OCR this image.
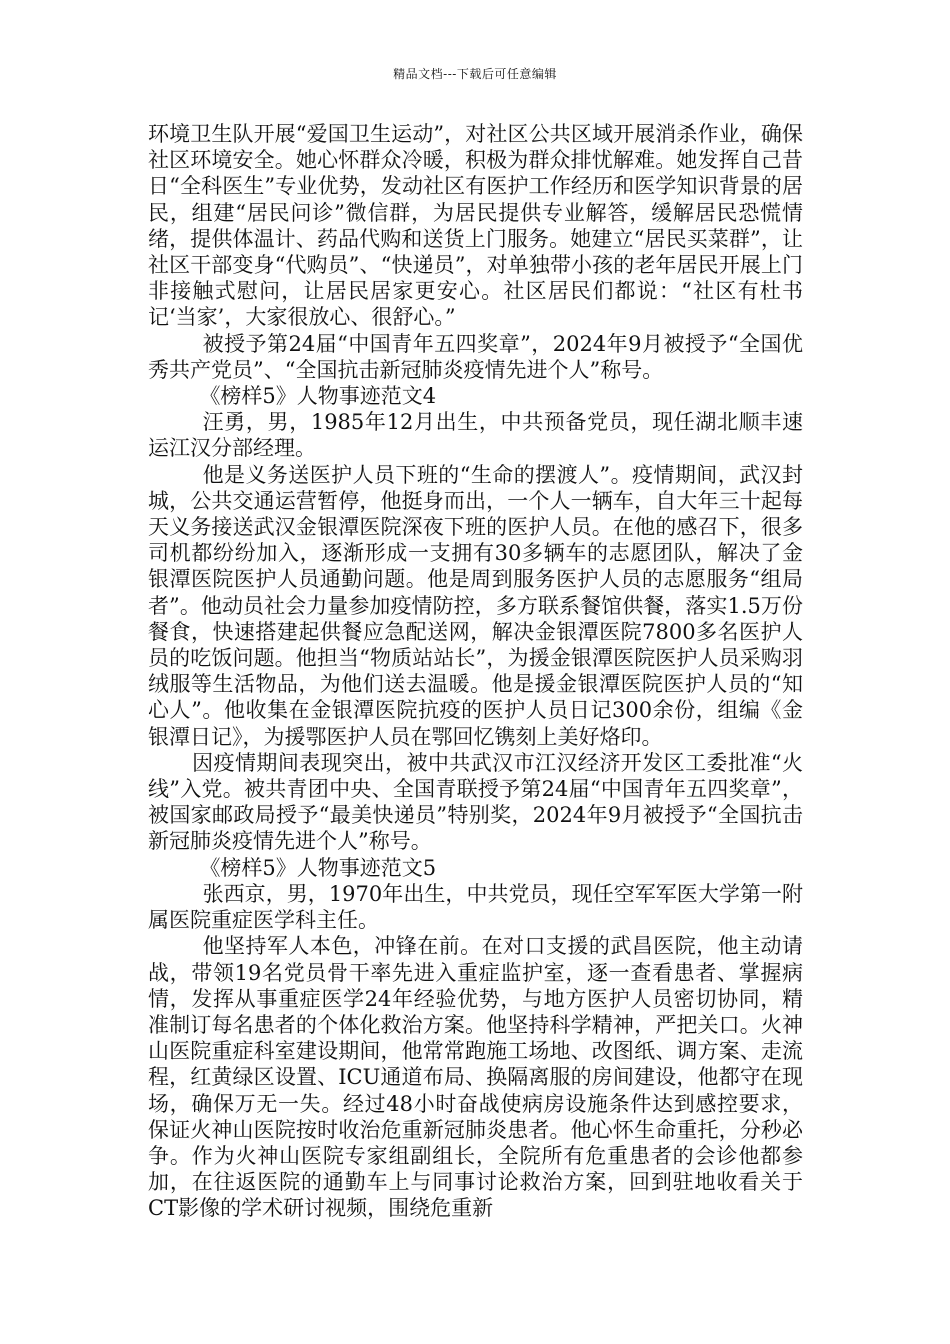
精品文档---下载后可任意编辑

环境卫生队开展“爱国卫生运动”，对社区公共区域开展消杀作业，确保社区环境安全。她心怀群众冷暖，积极为群众排忧解难。她发挥自己昔日“全科医生”专业优势，发动社区有医护工作经历和医学知识背景的居民，组建“居民问诊”微信群，为居民提供专业解答，缓解居民恐慌情绪，提供体温计、药品代购和送货上门服务。她建立“居民买菜群”，让社区干部变身“代购员”、“快递员”，对单独带小孩的老年居民开展上门非接触式慰问，让居民居家更安心。社区居民们都说：“社区有杜书记‘当家’，大家很放心、很舒心。”

被授予第24届“中国青年五四奖章”，2024年9月被授予“全国优秀共产党员”、“全国抗击新冠肺炎疫情先进个人”称号。

《榜样5》人物事迹范文4

汪勇，男，1985年12月出生，中共预备党员，现任湖北顺丰速运江汉分部经理。

他是义务送医护人员下班的“生命的摆渡人”。疫情期间，武汉封城，公共交通运营暂停，他挺身而出，一个人一辆车，自大年三十起每天义务接送武汉金银潭医院深夜下班的医护人员。在他的感召下，很多司机都纷纷加入，逐渐形成一支拥有30多辆车的志愿团队，解决了金银潭医院医护人员通勤问题。他是周到服务医护人员的志愿服务“组局者”。他动员社会力量参加疫情防控，多方联系餐馆供餐，落实1.5万份餐食，快速搭建起供餐应急配送网，解决金银潭医院7800多名医护人员的吃饭问题。他担当“物质站站长”，为援金银潭医院医护人员采购羽绒服等生活物品，为他们送去温暖。他是援金银潭医院医护人员的“知心人”。他收集在金银潭医院抗疫的医护人员日记300余份，组编《金银潭日记》，为援鄂医护人员在鄂回忆镌刻上美好烙印。

因疫情期间表现突出，被中共武汉市江汉经济开发区工委批准“火线”入党。被共青团中央、全国青联授予第24届“中国青年五四奖章”，被国家邮政局授予“最美快递员”特别奖，2024年9月被授予“全国抗击新冠肺炎疫情先进个人”称号。

《榜样5》人物事迹范文5

张西京，男，1970年出生，中共党员，现任空军军医大学第一附属医院重症医学科主任。

他坚持军人本色，冲锋在前。在对口支援的武昌医院，他主动请战，带领19名党员骨干率先进入重症监护室，逐一查看患者、掌握病情，发挥从事重症医学24年经验优势，与地方医护人员密切协同，精准制订每名患者的个体化救治方案。他坚持科学精神，严把关口。火神山医院重症科室建设期间，他常常跑施工场地、改图纸、调方案、走流程，红黄绿区设置、ICU通道布局、换隔离服的房间建设，他都守在现场，确保万无一失。经过48小时奋战使病房设施条件达到感控要求，保证火神山医院按时收治危重新冠肺炎患者。他心怀生命重托，分秒必争。作为火神山医院专家组副组长，全院所有危重患者的会诊他都参加，在往返医院的通勤车上与同事讨论救治方案，回到驻地收看关于CT影像的学术研讨视频，围绕危重新
